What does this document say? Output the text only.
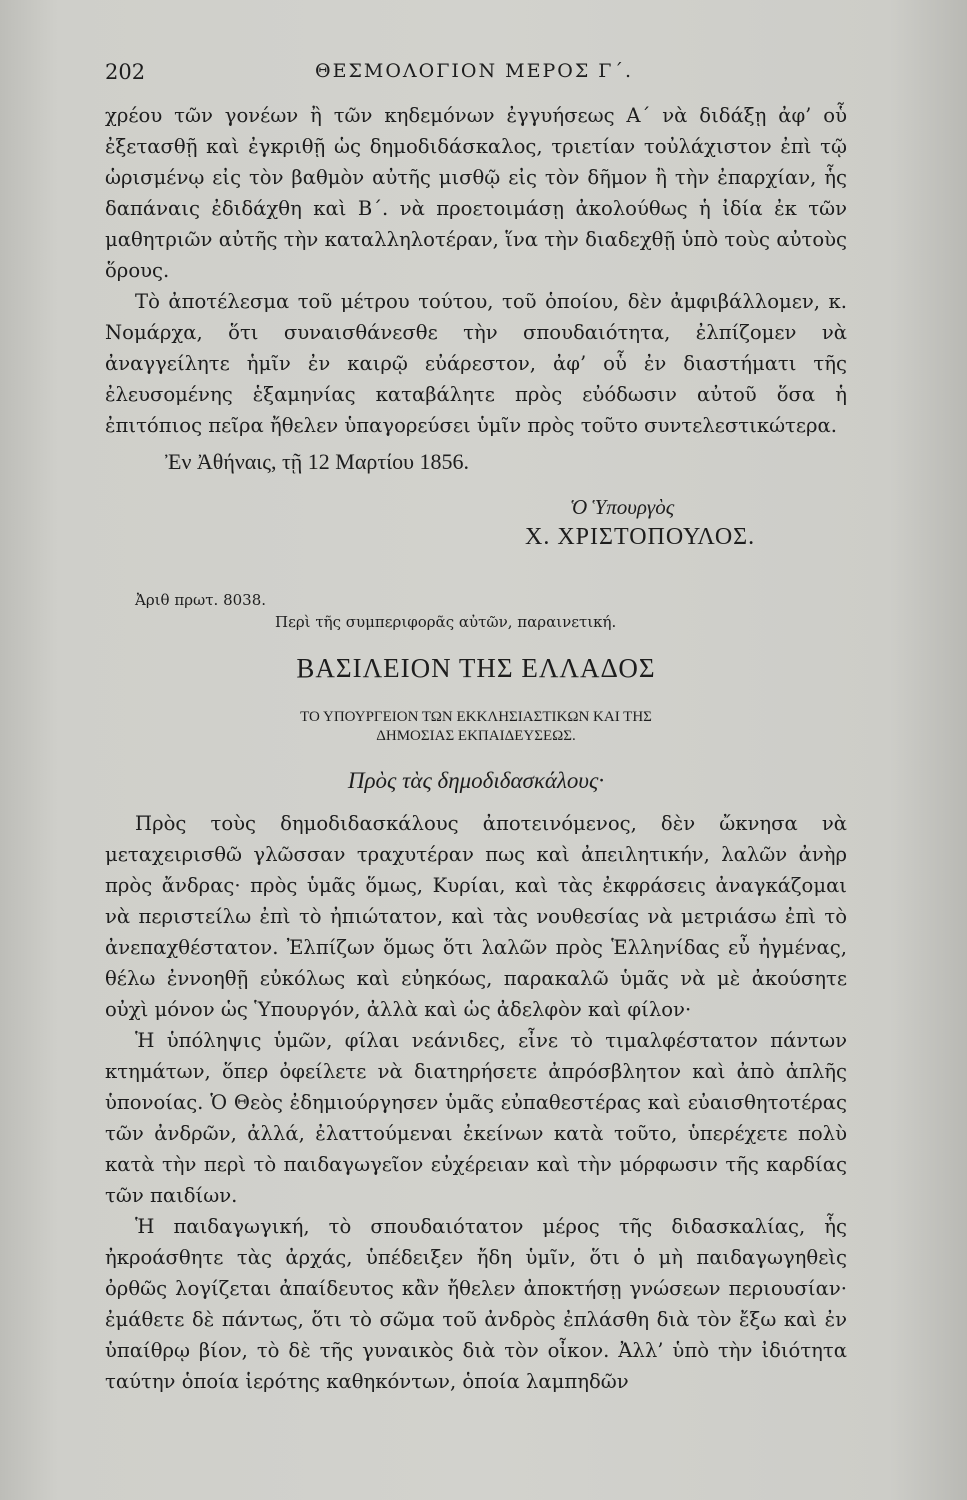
202	ΘΕΣΜΟΛΟΓΙΟΝ ΜΕΡΟΣ Γ΄.

χρέου τῶν γονέων ἢ τῶν κηδεμόνων ἐγγυήσεως Α΄ νὰ διδάξῃ ἀφ’ οὗ ἐξετασθῇ καὶ ἐγκριθῇ ὡς δημοδιδάσκαλος, τριετίαν τοὐλάχιστον ἐπὶ τῷ ὡρισμένῳ εἰς τὸν βαθμὸν αὐτῆς μισθῷ εἰς τὸν δῆμον ἢ τὴν ἐπαρχίαν, ἧς δαπάναις ἐδιδάχθη καὶ Β΄. νὰ προετοιμάσῃ ἀκολούθως ἡ ἰδία ἐκ τῶν μαθητριῶν αὐτῆς τὴν καταλληλοτέραν, ἵνα τὴν διαδεχθῇ ὑπὸ τοὺς αὐτοὺς ὅρους.

Τὸ ἀποτέλεσμα τοῦ μέτρου τούτου, τοῦ ὁποίου, δὲν ἀμφιβάλλομεν, κ. Νομάρχα, ὅτι συναισθάνεσθε τὴν σπουδαιότητα, ἐλπίζομεν νὰ ἀναγγείλητε ἡμῖν ἐν καιρῷ εὐάρεστον, ἀφ’ οὗ ἐν διαστήματι τῆς ἐλευσομένης ἑξαμηνίας καταβάλητε πρὸς εὐόδωσιν αὐτοῦ ὅσα ἡ ἐπιτόπιος πεῖρα ἤθελεν ὑπαγορεύσει ὑμῖν πρὸς τοῦτο συντελεστικώτερα.

Ἐν Ἀθήναις, τῇ 12 Μαρτίου 1856.
Ὁ Ὑπουργὸς
Χ. ΧΡΙΣΤΟΠΟΥΛΟΣ.
Ἀριθ πρωτ. 8038.
Περὶ τῆς συμπεριφορᾶς αὐτῶν, παραινετική.
ΒΑΣΙΛΕΙΟΝ ΤΗΣ ΕΛΛΑΔΟΣ
ΤΟ ΥΠΟΥΡΓΕΙΟΝ ΤΩΝ ΕΚΚΛΗΣΙΑΣΤΙΚΩΝ ΚΑΙ ΤΗΣ
ΔΗΜΟΣΙΑΣ ΕΚΠΑΙΔΕΥΣΕΩΣ.
Πρὸς τὰς δημοδιδασκάλους·

Πρὸς τοὺς δημοδιδασκάλους ἀποτεινόμενος, δὲν ὤκνησα νὰ μεταχειρισθῶ γλῶσσαν τραχυτέραν πως καὶ ἀπειλητικήν, λαλῶν ἀνὴρ πρὸς ἄνδρας· πρὸς ὑμᾶς ὅμως, Κυρίαι, καὶ τὰς ἐκφράσεις ἀναγκάζομαι νὰ περιστείλω ἐπὶ τὸ ἠπιώτατον, καὶ τὰς νουθεσίας νὰ μετριάσω ἐπὶ τὸ ἀνεπαχθέστατον. Ἐλπίζων ὅμως ὅτι λαλῶν πρὸς Ἑλληνίδας εὖ ἠγμένας, θέλω ἐννοηθῇ εὐκόλως καὶ εὐηκόως, παρακαλῶ ὑμᾶς νὰ μὲ ἀκούσητε οὐχὶ μόνον ὡς Ὑπουργόν, ἀλλὰ καὶ ὡς ἀδελφὸν καὶ φίλον·

Ἡ ὑπόληψις ὑμῶν, φίλαι νεάνιδες, εἶνε τὸ τιμαλφέστατον πάντων κτημάτων, ὅπερ ὀφείλετε νὰ διατηρήσετε ἀπρόσβλητον καὶ ἀπὸ ἁπλῆς ὑπονοίας. Ὁ Θεὸς ἐδημιούργησεν ὑμᾶς εὐπαθεστέρας καὶ εὐαισθητοτέρας τῶν ἀνδρῶν, ἀλλά, ἐλαττούμεναι ἐκείνων κατὰ τοῦτο, ὑπερέχετε πολὺ κατὰ τὴν περὶ τὸ παιδαγωγεῖον εὐχέρειαν καὶ τὴν μόρφωσιν τῆς καρδίας τῶν παιδίων.

Ἡ παιδαγωγική, τὸ σπουδαιότατον μέρος τῆς διδασκαλίας, ἧς ἠκροάσθητε τὰς ἀρχάς, ὑπέδειξεν ἤδη ὑμῖν, ὅτι ὁ μὴ παιδαγωγηθεὶς ὀρθῶς λογίζεται ἀπαίδευτος κἂν ἤθελεν ἀποκτήσῃ γνώσεων περιουσίαν· ἐμάθετε δὲ πάντως, ὅτι τὸ σῶμα τοῦ ἀνδρὸς ἐπλάσθη διὰ τὸν ἔξω καὶ ἐν ὑπαίθρῳ βίον, τὸ δὲ τῆς γυναικὸς διὰ τὸν οἶκον. Ἀλλ’ ὑπὸ τὴν ἰδιότητα ταύτην ὁποία ἱερότης καθηκόντων, ὁποία λαμπηδῶν
